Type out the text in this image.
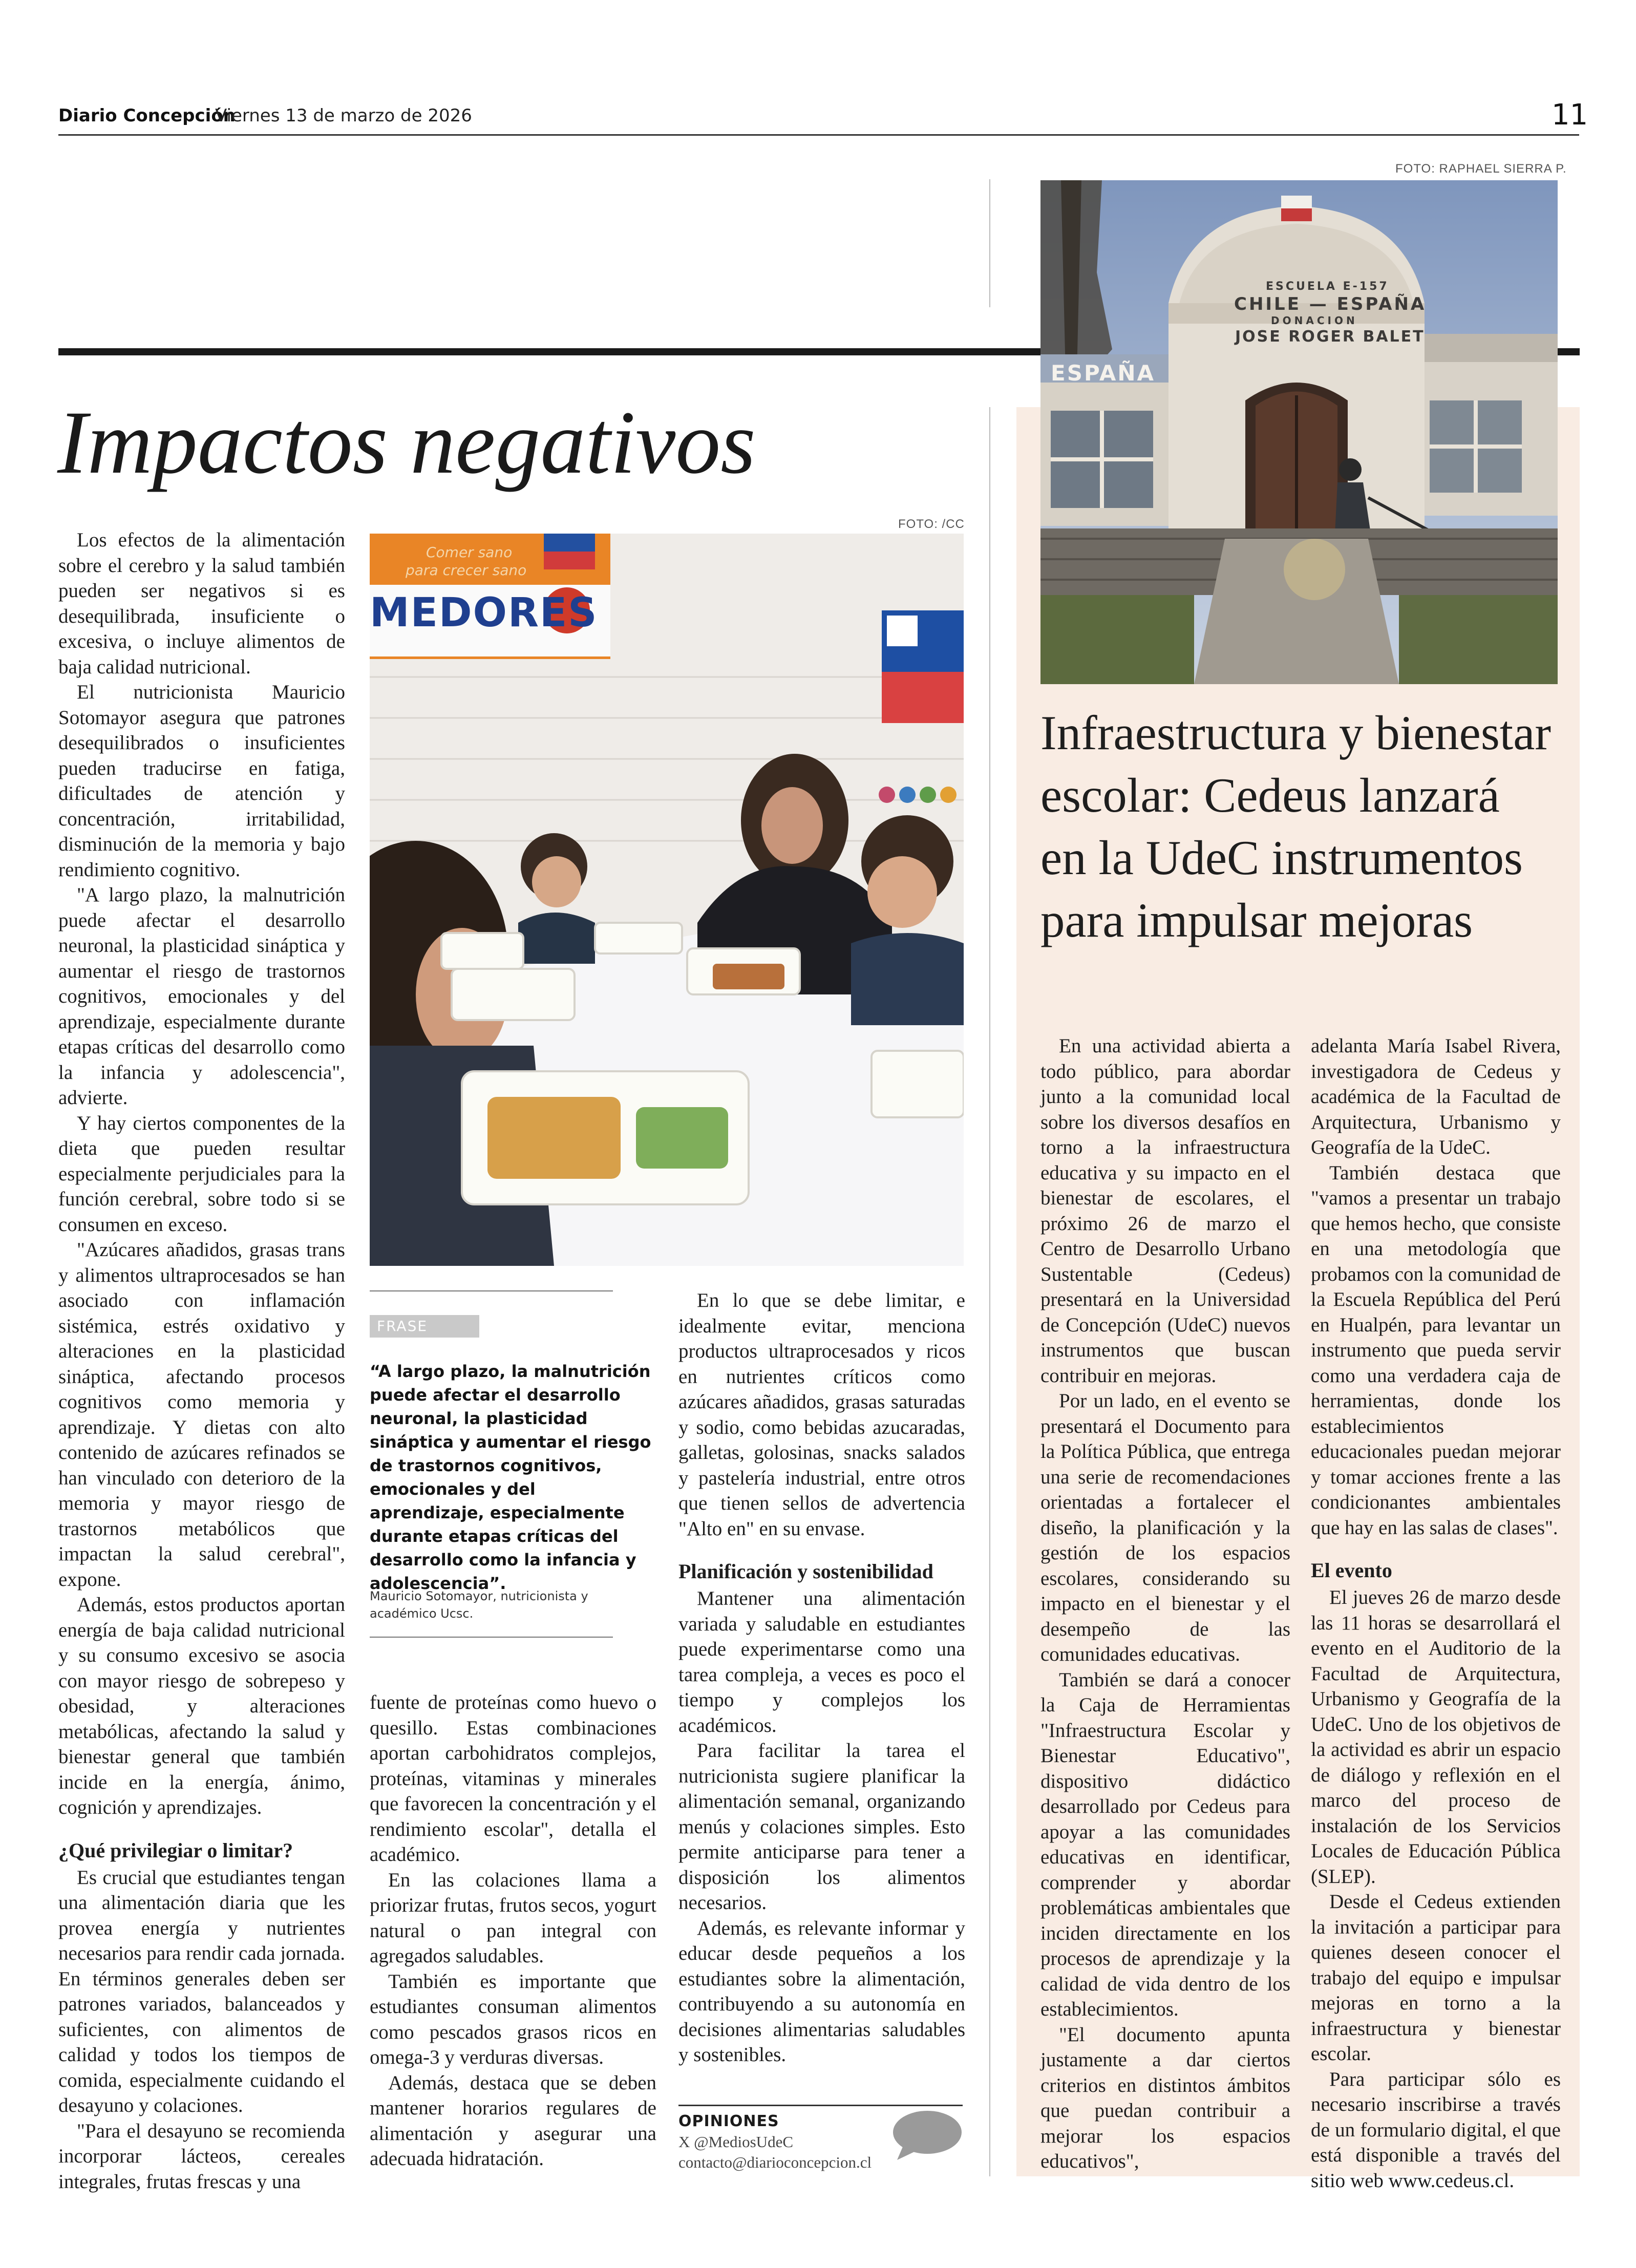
Diario Concepción
Viernes 13 de marzo de 2026	11
FOTO: RAPHAEL SIERRA P.
ESCUELA E-157
CHILE — ESPAÑA
DONACION
JOSE ROGER BALET
ESPAÑA
Infraestructura y bienestar escolar: Cedeus lanzará en la UdeC instrumentos para impulsar mejoras

En una actividad abierta a todo público, para abordar junto a la comunidad local sobre los diversos desafíos en torno a la infraestructura educativa y su impacto en el bienestar de escolares, el próximo 26 de marzo el Centro de Desarrollo Urbano Sustentable (Cedeus) presentará en la Universidad de Concepción (UdeC) nuevos instrumentos que buscan contribuir en mejoras.

Por un lado, en el evento se presentará el Documento para la Política Pública, que entrega una serie de recomendaciones orientadas a fortalecer el diseño, la planificación y la gestión de los espacios escolares, considerando su impacto en el bienestar y el desempeño de las comunidades educativas.

También se dará a conocer la Caja de Herramientas "Infraestructura Escolar y Bienestar Educativo", dispositivo didáctico desarrollado por Cedeus para apoyar a las comunidades educativas en identificar, comprender y abordar problemáticas ambientales que inciden directamente en los procesos de aprendizaje y la calidad de vida dentro de los establecimientos.

"El documento apunta justamente a dar ciertos criterios en distintos ámbitos que puedan contribuir a mejorar los espacios educativos",

adelanta María Isabel Rivera, investigadora de Cedeus y académica de la Facultad de Arquitectura, Urbanismo y Geografía de la UdeC.

También destaca que "vamos a presentar un trabajo que hemos hecho, que consiste en una metodología que probamos con la comunidad de la Escuela República del Perú en Hualpén, para levantar un instrumento que pueda servir como una verdadera caja de herramientas, donde los establecimientos educacionales puedan mejorar y tomar acciones frente a las condicionantes ambientales que hay en las salas de clases".

El evento

El jueves 26 de marzo desde las 11 horas se desarrollará el evento en el Auditorio de la Facultad de Arquitectura, Urbanismo y Geografía de la UdeC. Uno de los objetivos de la actividad es abrir un espacio de diálogo y reflexión en el marco del proceso de instalación de los Servicios Locales de Educación Pública (SLEP).

Desde el Cedeus extienden la invitación a participar para quienes deseen conocer el trabajo del equipo e impulsar mejoras en torno a la infraestructura y bienestar escolar.

Para participar sólo es necesario inscribirse a través de un formulario digital, el que está disponible a través del sitio web www.cedeus.cl.

Impactos negativos

Los efectos de la alimentación sobre el cerebro y la salud también pueden ser negativos si es desequilibrada, insuficiente o excesiva, o incluye alimentos de baja calidad nutricional.

El nutricionista Mauricio Sotomayor asegura que patrones desequilibrados o insuficientes pueden traducirse en fatiga, dificultades de atención y concentración, irritabilidad, disminución de la memoria y bajo rendimiento cognitivo.

"A largo plazo, la malnutrición puede afectar el desarrollo neuronal, la plasticidad sináptica y aumentar el riesgo de trastornos cognitivos, emocionales y del aprendizaje, especialmente durante etapas críticas del desarrollo como la infancia y adolescencia", advierte.

Y hay ciertos componentes de la dieta que pueden resultar especialmente perjudiciales para la función cerebral, sobre todo si se consumen en exceso.

"Azúcares añadidos, grasas trans y alimentos ultraprocesados se han asociado con inflamación sistémica, estrés oxidativo y alteraciones en la plasticidad sináptica, afectando procesos cognitivos como memoria y aprendizaje. Y dietas con alto contenido de azúcares refinados se han vinculado con deterioro de la memoria y mayor riesgo de trastornos metabólicos que impactan la salud cerebral", expone.

Además, estos productos aportan energía de baja calidad nutricional y su consumo excesivo se asocia con mayor riesgo de sobrepeso y obesidad, y alteraciones metabólicas, afectando la salud y bienestar general que también incide en la energía, ánimo, cognición y aprendizajes.

¿Qué privilegiar o limitar?

Es crucial que estudiantes tengan una alimentación diaria que les provea energía y nutrientes necesarios para rendir cada jornada. En términos generales deben ser patrones variados, balanceados y suficientes, con alimentos de calidad y todos los tiempos de comida, especialmente cuidando el desayuno y colaciones.

"Para el desayuno se recomienda incorporar lácteos, cereales integrales, frutas frescas y una

FOTO: /CC
MEDORES
Comer sano
para crecer sano
FRASE
“A largo plazo, la malnutrición puede afectar el desarrollo neuronal, la plasticidad sináptica y aumentar el riesgo de trastornos cognitivos, emocionales y del aprendizaje, especialmente durante etapas críticas del desarrollo como la infancia y adolescencia”.
Mauricio Sotomayor, nutricionista y académico Ucsc.

fuente de proteínas como huevo o quesillo. Estas combinaciones aportan carbohidratos complejos, proteínas, vitaminas y minerales que favorecen la concentración y el rendimiento escolar", detalla el académico.

En las colaciones llama a priorizar frutas, frutos secos, yogurt natural o pan integral con agregados saludables.

También es importante que estudiantes consuman alimentos como pescados grasos ricos en omega-3 y verduras diversas.

Además, destaca que se deben mantener horarios regulares de alimentación y asegurar una adecuada hidratación.

En lo que se debe limitar, e idealmente evitar, menciona productos ultraprocesados y ricos en nutrientes críticos como azúcares añadidos, grasas saturadas y sodio, como bebidas azucaradas, galletas, golosinas, snacks salados y pastelería industrial, entre otros que tienen sellos de advertencia "Alto en" en su envase.

Planificación y sostenibilidad

Mantener una alimentación variada y saludable en estudiantes puede experimentarse como una tarea compleja, a veces es poco el tiempo y complejos los académicos.

Para facilitar la tarea el nutricionista sugiere planificar la alimentación semanal, organizando menús y colaciones simples. Esto permite anticiparse para tener a disposición los alimentos necesarios.

Además, es relevante informar y educar desde pequeños a los estudiantes sobre la alimentación, contribuyendo a su autonomía en decisiones alimentarias saludables y sostenibles.

OPINIONES
X @MediosUdeC
contacto@diarioconcepcion.cl
